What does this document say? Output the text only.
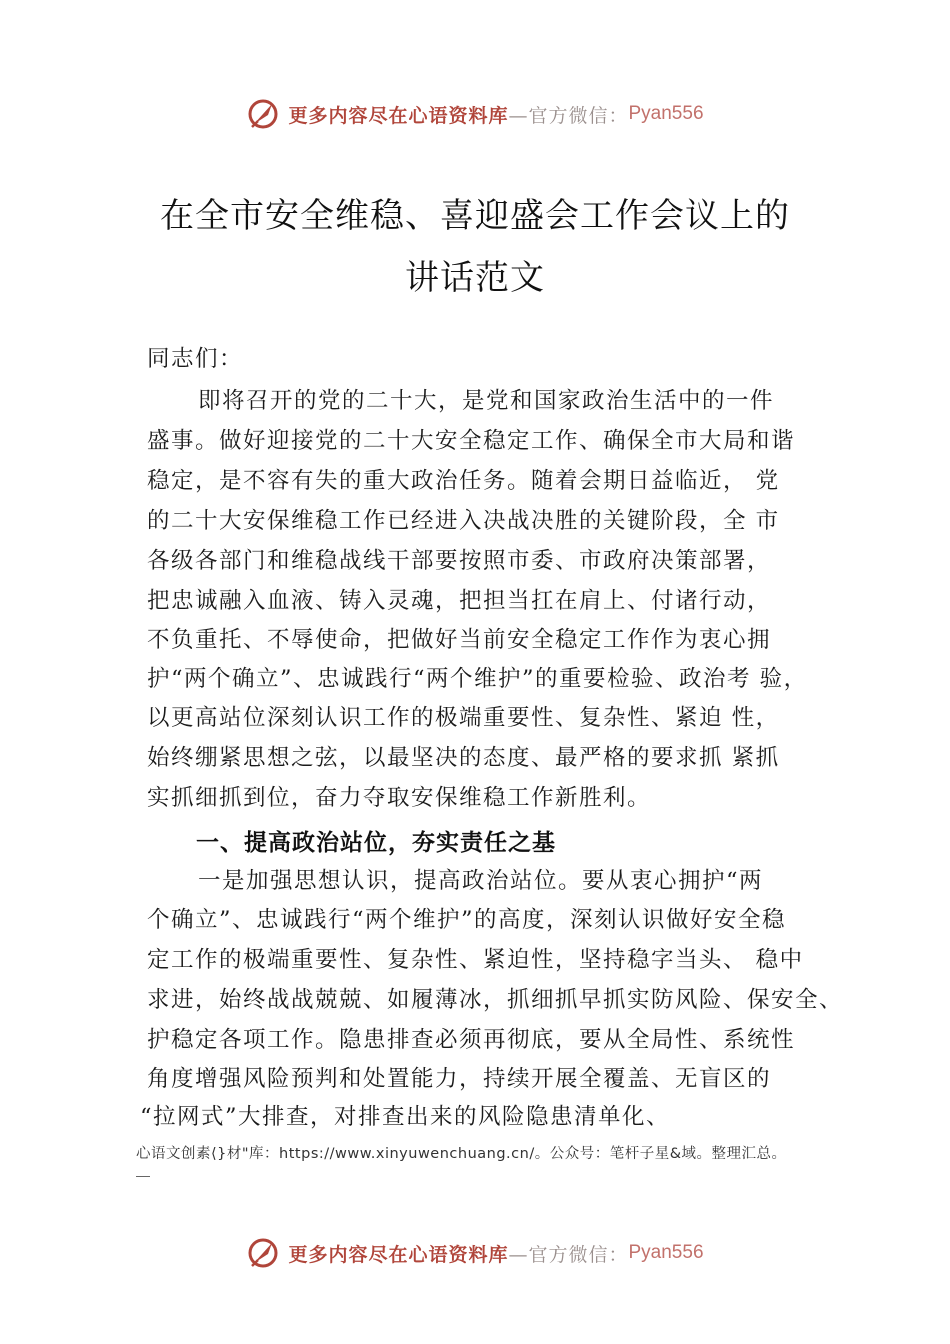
更多内容尽在心语资料库 —官方微信： Pyan556
在全市安全维稳、喜迎盛会工作会议上的
讲话范文
同志们：
即将召开的党的二十大，是党和国家政治生活中的一件
盛事。做好迎接党的二十大安全稳定工作、确保全市大局和谐
稳定，是不容有失的重大政治任务。随着会期日益临近， 党
的二十大安保维稳工作已经进入决战决胜的关键阶段，全 市
各级各部门和维稳战线干部要按照市委、市政府决策部署，
把忠诚融入血液、铸入灵魂，把担当扛在肩上、付诸行动，
不负重托、不辱使命，把做好当前安全稳定工作作为衷心拥
护“两个确立”、忠诚践行“两个维护”的重要检验、政治考 验，
以更高站位深刻认识工作的极端重要性、复杂性、紧迫 性，
始终绷紧思想之弦，以最坚决的态度、最严格的要求抓 紧抓
实抓细抓到位，奋力夺取安保维稳工作新胜利。
一、提高政治站位，夯实责任之基
一是加强思想认识，提高政治站位。要从衷心拥护“两
个确立”、忠诚践行“两个维护”的高度，深刻认识做好安全稳
定工作的极端重要性、复杂性、紧迫性，坚持稳字当头、 稳中
求进，始终战战兢兢、如履薄冰，抓细抓早抓实防风险、保安全、
护稳定各项工作。隐患排查必须再彻底，要从全局性、系统性
角度增强风险预判和处置能力，持续开展全覆盖、无盲区的
“拉网式”大排查，对排查出来的风险隐患清单化、
心语文创素⟨}材"库：https://www.xinyuwenchuang.cn/。公众号：笔杆子星&域。整理汇总。
更多内容尽在心语资料库 —官方微信： Pyan556
